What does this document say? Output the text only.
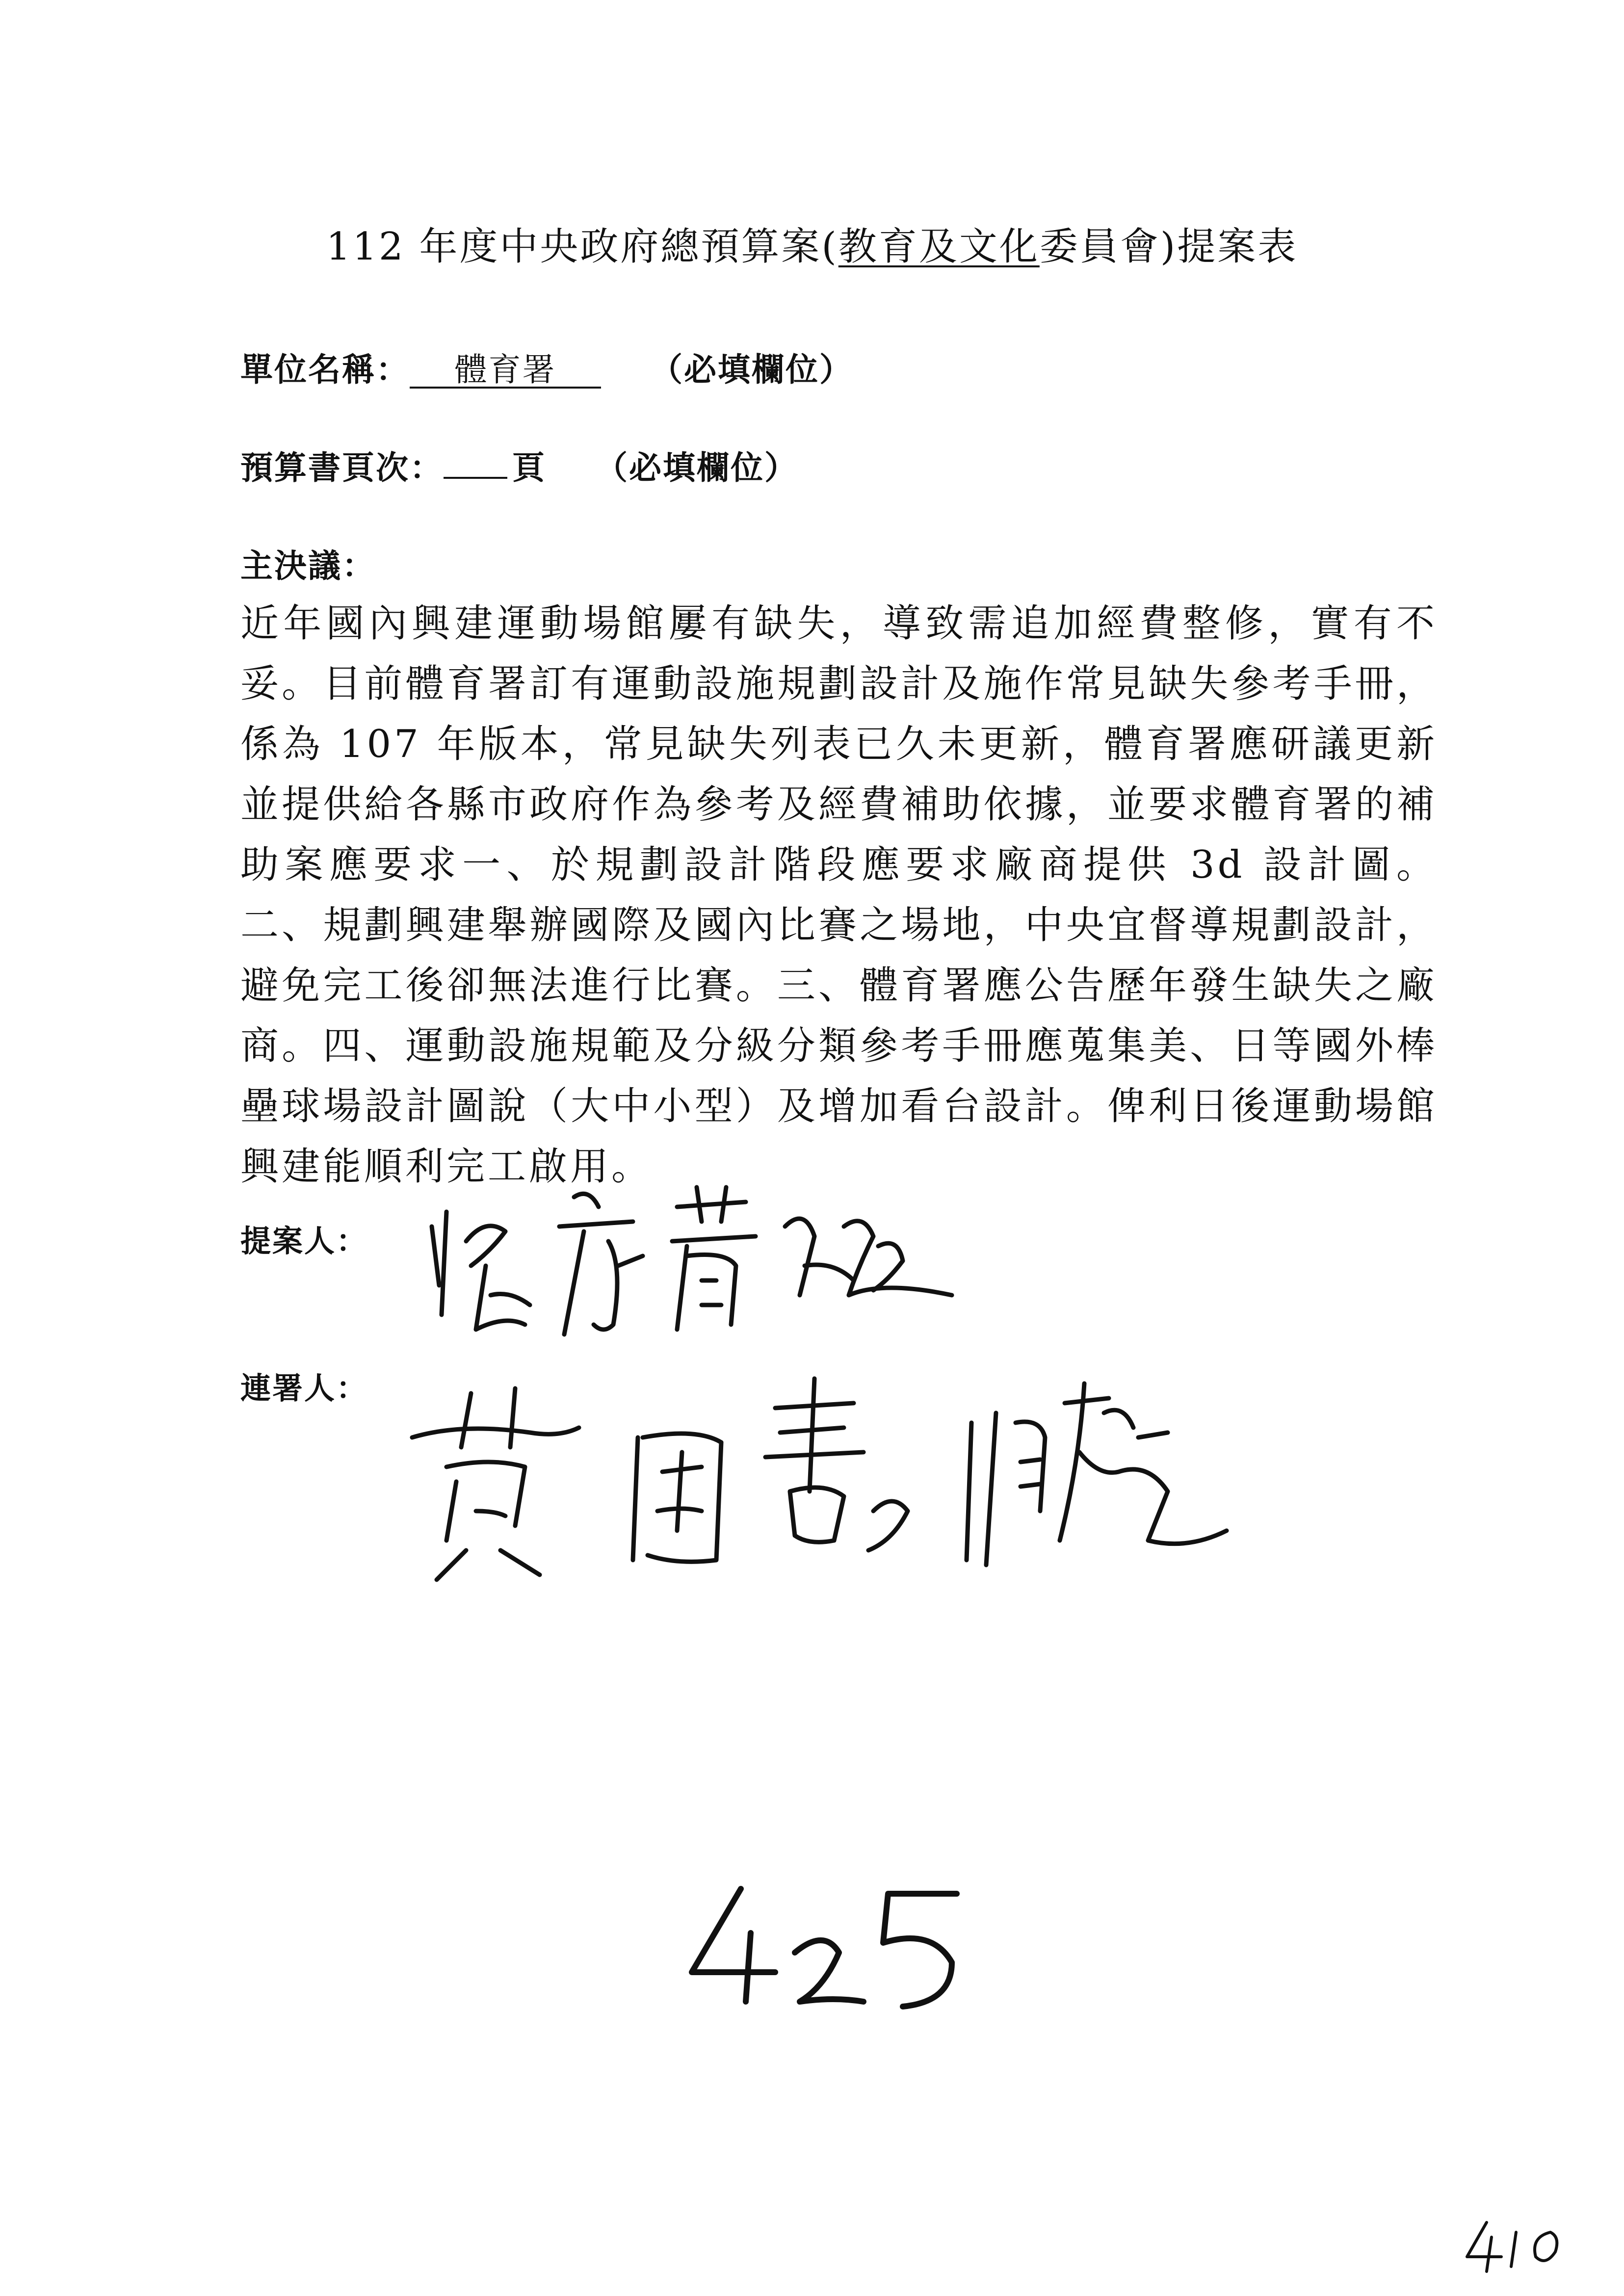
112 年度中央政府總預算案(教育及文化委員會)提案表
單位名稱： 體育署	（必填欄位）
預算書頁次： 頁 （必填欄位）
主決議：
近年國內興建運動場館屢有缺失，導致需追加經費整修，實有不妥。目前體育署訂有運動設施規劃設計及施作常見缺失參考手冊，係為 107 年版本，常見缺失列表已久未更新，體育署應研議更新並提供給各縣市政府作為參考及經費補助依據，並要求體育署的補助案應要求一、於規劃設計階段應要求廠商提供 3d 設計圖。二、規劃興建舉辦國際及國內比賽之場地，中央宜督導規劃設計，避免完工後卻無法進行比賽。三、體育署應公告歷年發生缺失之廠商。四、運動設施規範及分級分類參考手冊應蒐集美、日等國外棒壘球場設計圖說（大中小型）及增加看台設計。俾利日後運動場館興建能順利完工啟用。
提案人：
連署人：
